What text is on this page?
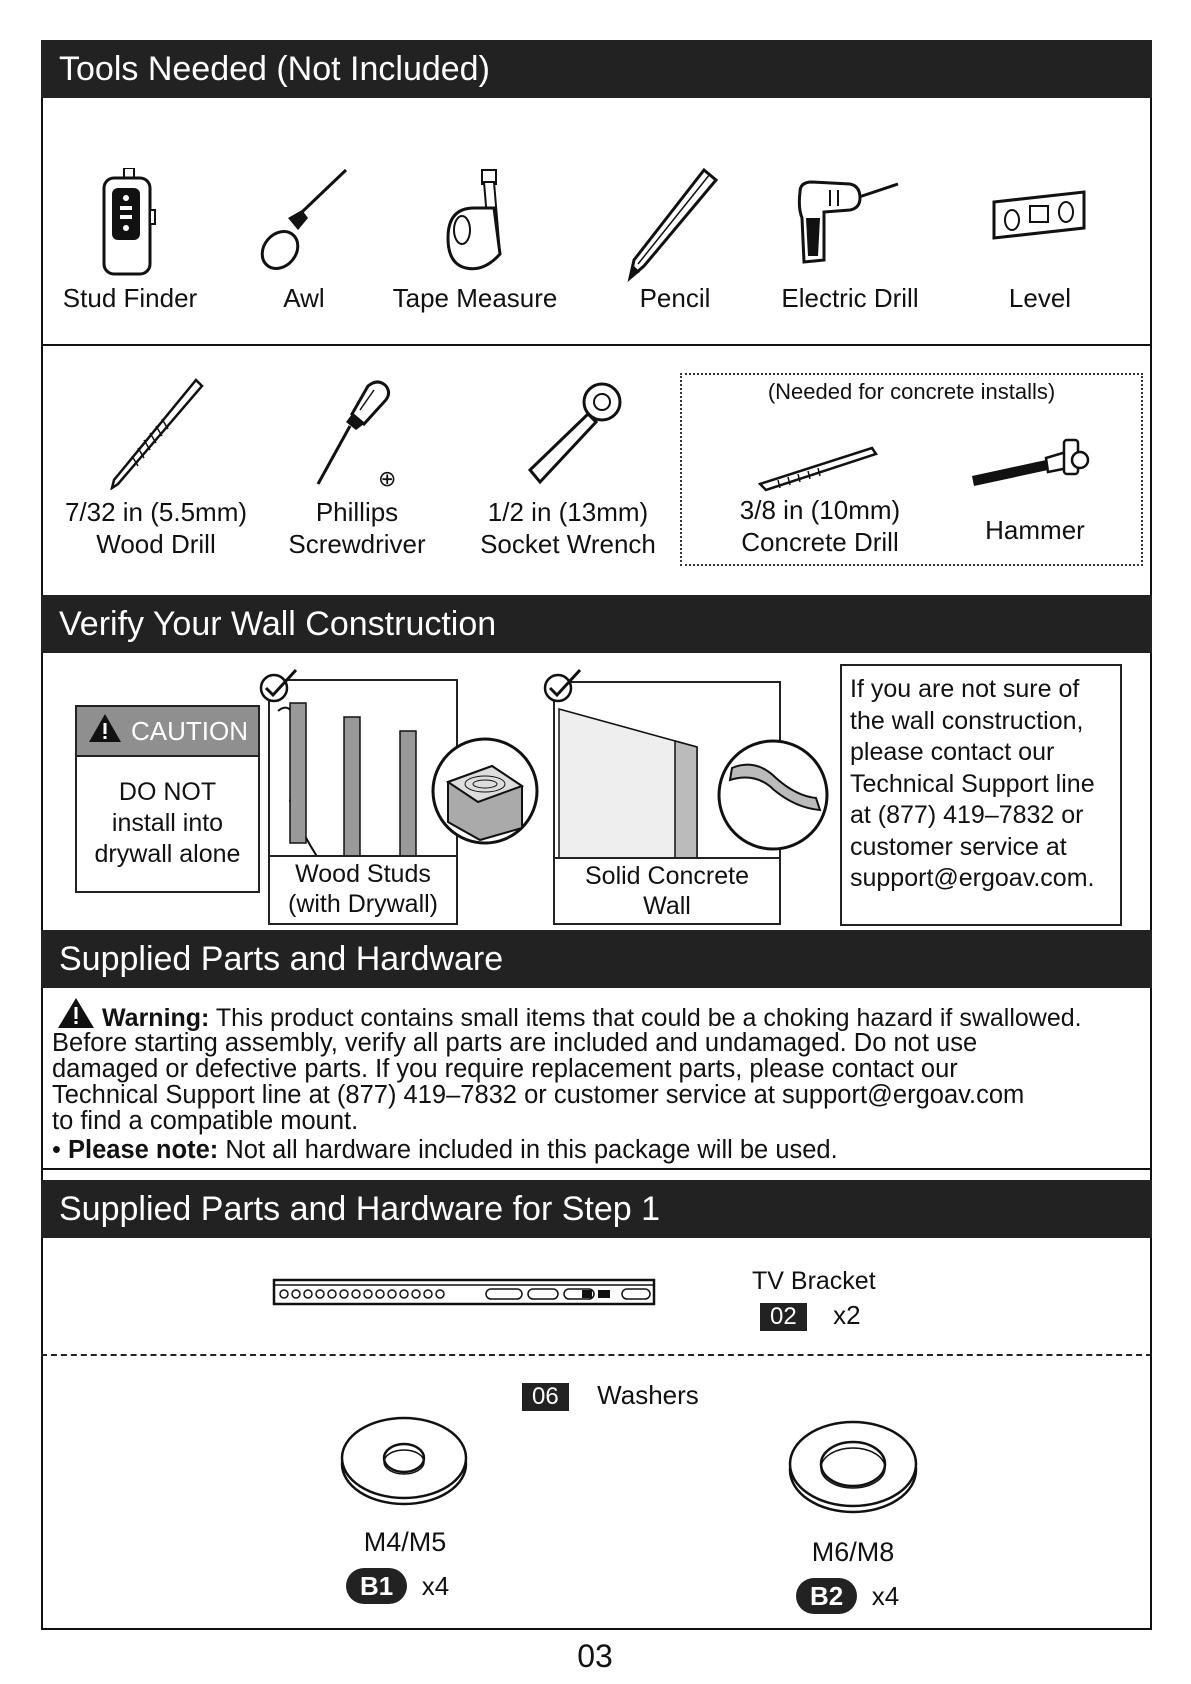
Tools Needed (Not Included)
Stud Finder	Awl	Tape Measure	Pencil	Electric Drill	Level
⊕
7/32 in (5.5mm)
Wood Drill
Phillips
Screwdriver
1/2 in (13mm)
Socket Wrench
(Needed for concrete installs)
3/8 in (10mm)
Concrete Drill	Hammer
Verify Your Wall Construction
CAUTION
DO NOT
install into
drywall alone
Wood Studs
(with Drywall)
Solid Concrete
Wall
If you are not sure of
the wall construction,
please contact our
Technical Support line
at (877) 419–7832 or
customer service at
support@ergoav.com.
Supplied Parts and Hardware
Warning: This product contains small items that could be a choking hazard if swallowed.
Before starting assembly, verify all parts are included and undamaged. Do not use
damaged or defective parts. If you require replacement parts, please contact our
Technical Support line at (877) 419–7832 or customer service at support@ergoav.com
to find a compatible mount.
• Please note: Not all hardware included in this package will be used.
Supplied Parts and Hardware for Step 1
TV Bracket
02 x2
06 Washers
M4/M5
B1 x4
M6/M8
B2 x4
03
